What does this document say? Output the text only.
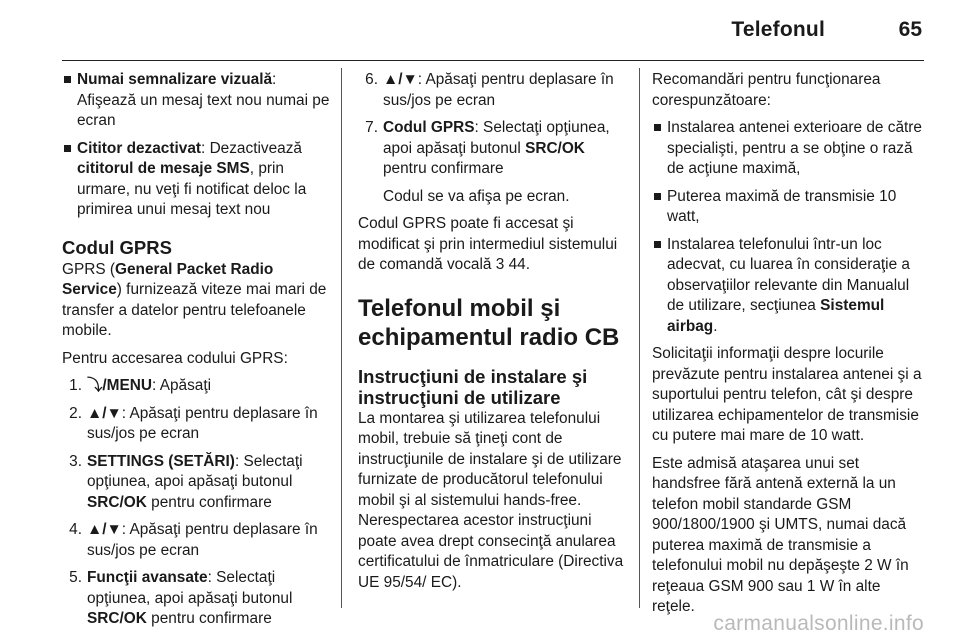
Telefonul	65
Numai semnalizare vizuală: Afişează un mesaj text nou numai pe ecran
Cititor dezactivat: Dezactivează cititorul de mesaje SMS, prin urmare, nu veţi fi notificat deloc la primirea unui mesaj text nou
Codul GPRS

GPRS (General Packet Radio Service) furnizează viteze mai mari de transfer a datelor pentru telefoanele mobile.

Pentru accesarea codului GPRS:

1. ⤵/MENU: Apăsaţi
2. ▲/▼: Apăsaţi pentru deplasare în sus/jos pe ecran
3. SETTINGS (SETĂRI): Selectaţi opţiunea, apoi apăsaţi butonul SRC/OK pentru confirmare
4. ▲/▼: Apăsaţi pentru deplasare în sus/jos pe ecran
5. Funcţii avansate: Selectaţi opţiunea, apoi apăsaţi butonul SRC/OK pentru confirmare
6. ▲/▼: Apăsaţi pentru deplasare în sus/jos pe ecran
7. Codul GPRS: Selectaţi opţiunea, apoi apăsaţi butonul SRC/OK pentru confirmare

Codul se va afişa pe ecran.

Codul GPRS poate fi accesat şi modificat şi prin intermediul sistemului de comandă vocală 3 44.

Telefonul mobil şi echipamentul radio CB
Instrucţiuni de instalare şi instrucţiuni de utilizare

La montarea şi utilizarea telefonului mobil, trebuie să ţineţi cont de instrucţiunile de instalare şi de utilizare furnizate de producătorul telefonului mobil şi al sistemului hands-free. Nerespectarea acestor instrucţiuni poate avea drept consecinţă anularea certificatului de înmatriculare (Directiva UE 95/54/ EC).

Recomandări pentru funcţionarea corespunzătoare:

Instalarea antenei exterioare de către specialişti, pentru a se obţine o rază de acţiune maximă,
Puterea maximă de transmisie 10 watt,
Instalarea telefonului într-un loc adecvat, cu luarea în consideraţie a observaţiilor relevante din Manualul de utilizare, secţiunea Sistemul airbag.

Solicitaţii informaţii despre locurile prevăzute pentru instalarea antenei şi a suportului pentru telefon, cât şi despre utilizarea echipamentelor de transmisie cu putere mai mare de 10 watt.

Este admisă ataşarea unui set handsfree fără antenă externă la un telefon mobil standarde GSM 900/1800/1900 şi UMTS, numai dacă puterea maximă de transmisie a telefonului mobil nu depăşeşte 2 W în reţeaua GSM 900 sau 1 W în alte reţele.

carmanualsonline.info
